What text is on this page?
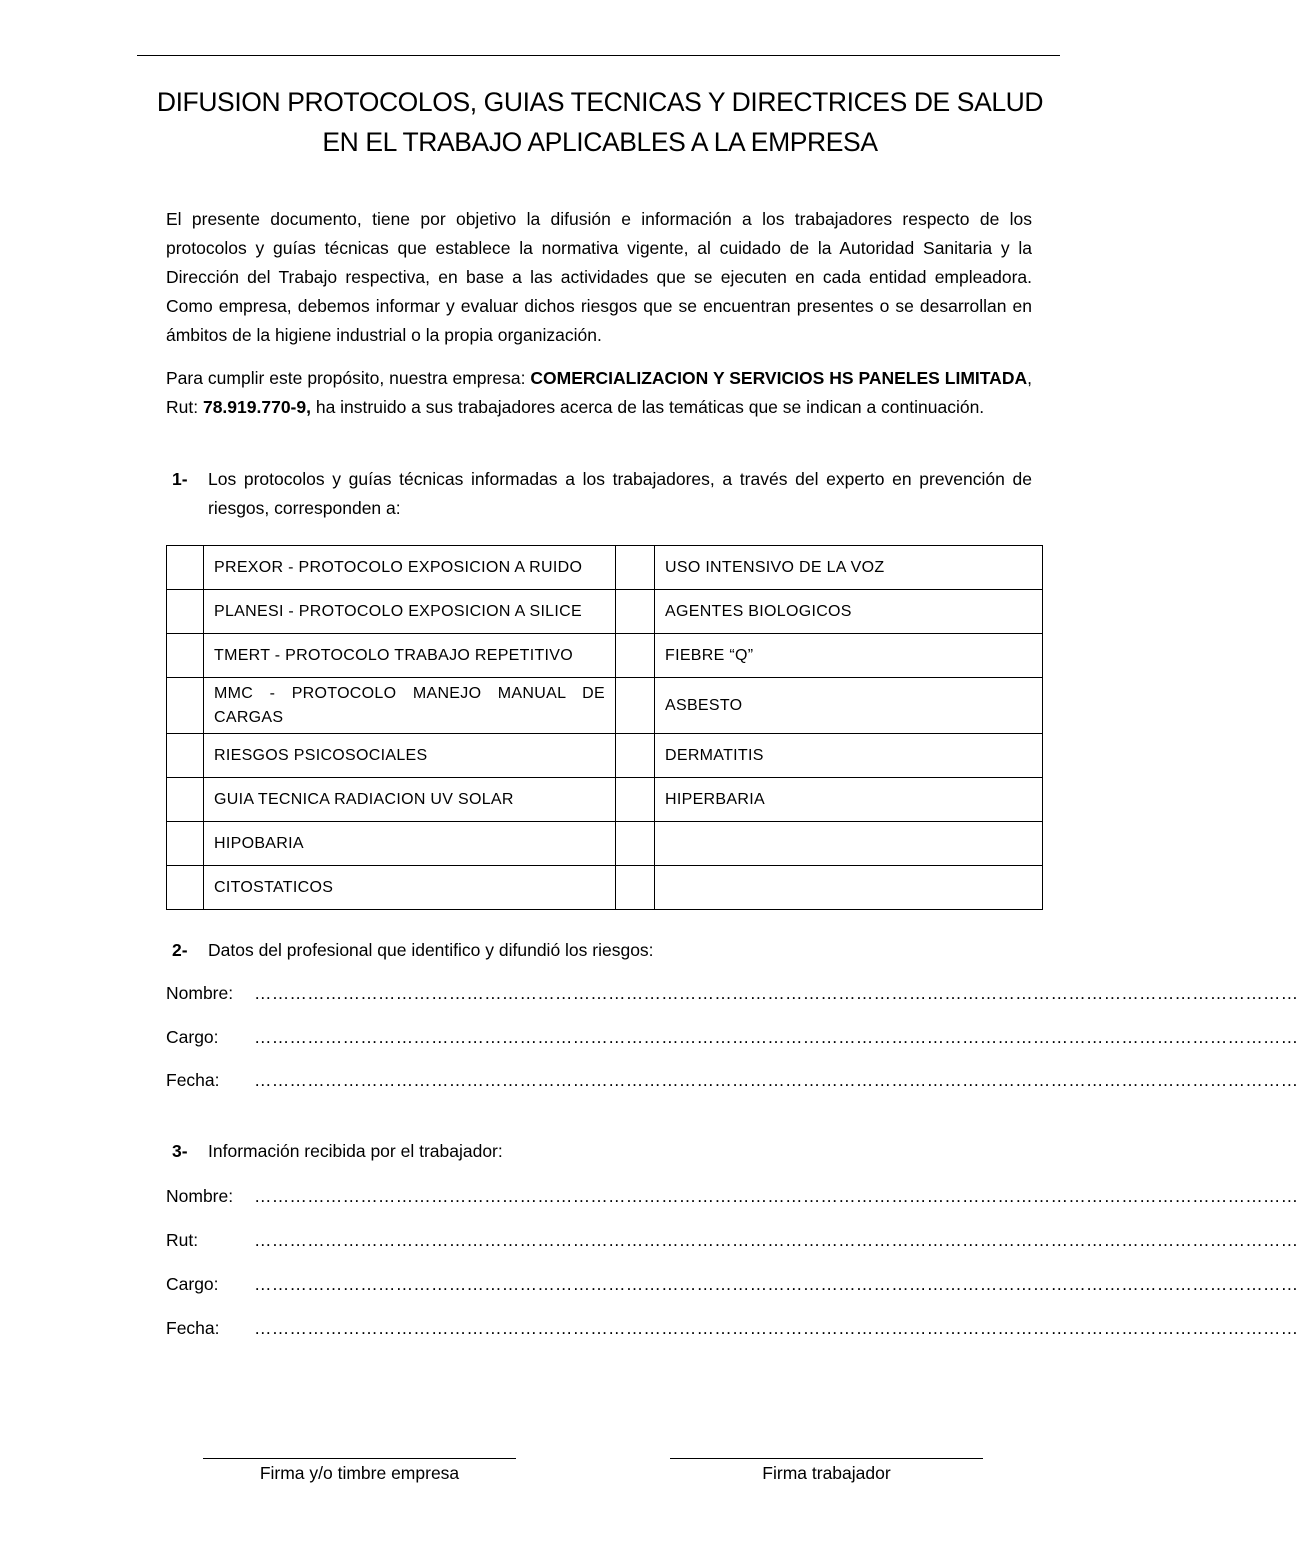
DIFUSION PROTOCOLOS, GUIAS TECNICAS Y DIRECTRICES DE SALUD
EN EL TRABAJO APLICABLES A LA EMPRESA
El presente documento, tiene por objetivo la difusión e información a los trabajadores respecto de los protocolos y guías técnicas que establece la normativa vigente, al cuidado de la Autoridad Sanitaria y la Dirección del Trabajo respectiva, en base a las actividades que se ejecuten en cada entidad empleadora. Como empresa, debemos informar y evaluar dichos riesgos que se encuentran presentes o se desarrollan en ámbitos de la higiene industrial o la propia organización.
Para cumplir este propósito, nuestra empresa: COMERCIALIZACION Y SERVICIOS HS PANELES LIMITADA, Rut: 78.919.770-9, ha instruido a sus trabajadores acerca de las temáticas que se indican a continuación.
1- Los protocolos y guías técnicas informadas a los trabajadores, a través del experto en prevención de riesgos, corresponden a:
	PREXOR - PROTOCOLO EXPOSICION A RUIDO		USO INTENSIVO DE LA VOZ
	PLANESI - PROTOCOLO EXPOSICION A SILICE		AGENTES BIOLOGICOS
	TMERT - PROTOCOLO TRABAJO REPETITIVO		FIEBRE “Q”
	MMC - PROTOCOLO MANEJO MANUAL DE CARGAS		ASBESTO
	RIESGOS PSICOSOCIALES		DERMATITIS
	GUIA TECNICA RADIACION UV SOLAR		HIPERBARIA
	HIPOBARIA		
	CITOSTATICOS		
2- Datos del profesional que identifico y difundió los riesgos:
Nombre: ……………………………………………………………………………………………………………………………………………………………
Cargo: ……………………………………………………………………………………………………………………………………………………………
Fecha: ……………………………………………………………………………………………………………………………………………………………
3- Información recibida por el trabajador:
Nombre: ……………………………………………………………………………………………………………………………………………………………
Rut:	……………………………………………………………………………………………………………………………………………………………
Cargo: ……………………………………………………………………………………………………………………………………………………………
Fecha: ……………………………………………………………………………………………………………………………………………………………
Firma y/o timbre empresa	Firma trabajador
